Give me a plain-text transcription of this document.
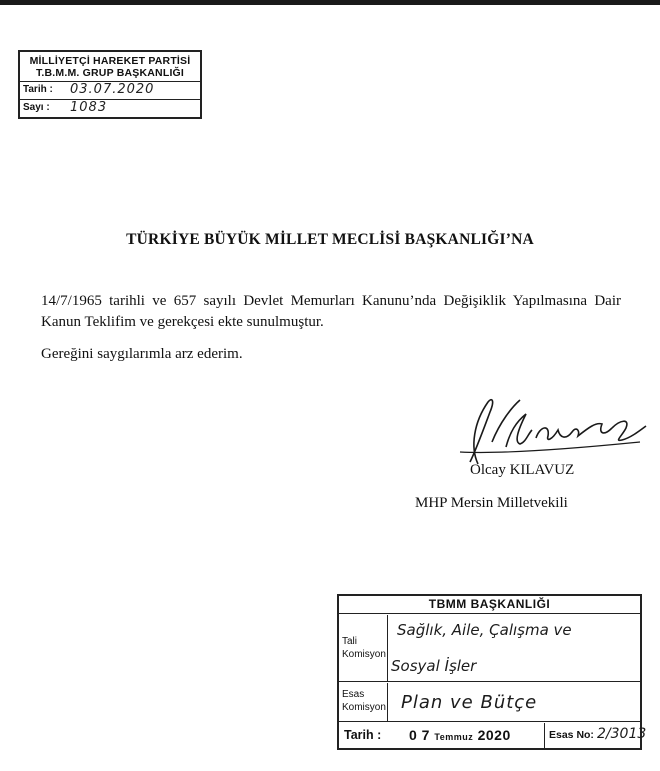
MİLLİYETÇİ HAREKET PARTİSİ
T.B.M.M. GRUP BAŞKANLIĞI
Tarih : 03.07.2020
Sayı : 1083
TÜRKİYE BÜYÜK MİLLET MECLİSİ BAŞKANLIĞI’NA
14/7/1965 tarihli ve 657 sayılı Devlet Memurları Kanunu’nda Değişiklik Yapılmasına Dair Kanun Teklifim ve gerekçesi ekte sunulmuştur.
Gereğini saygılarımla arz ederim.
Olcay KILAVUZ
MHP Mersin Milletvekili
TBMM BAŞKANLIĞI
Tali
Komisyon
Sağlık, Aile, Çalışma ve
Sosyal İşler
Esas
Komisyon Plan ve Bütçe
Tarih : 0 7 Temmuz 2020	Esas No: 2/3013
